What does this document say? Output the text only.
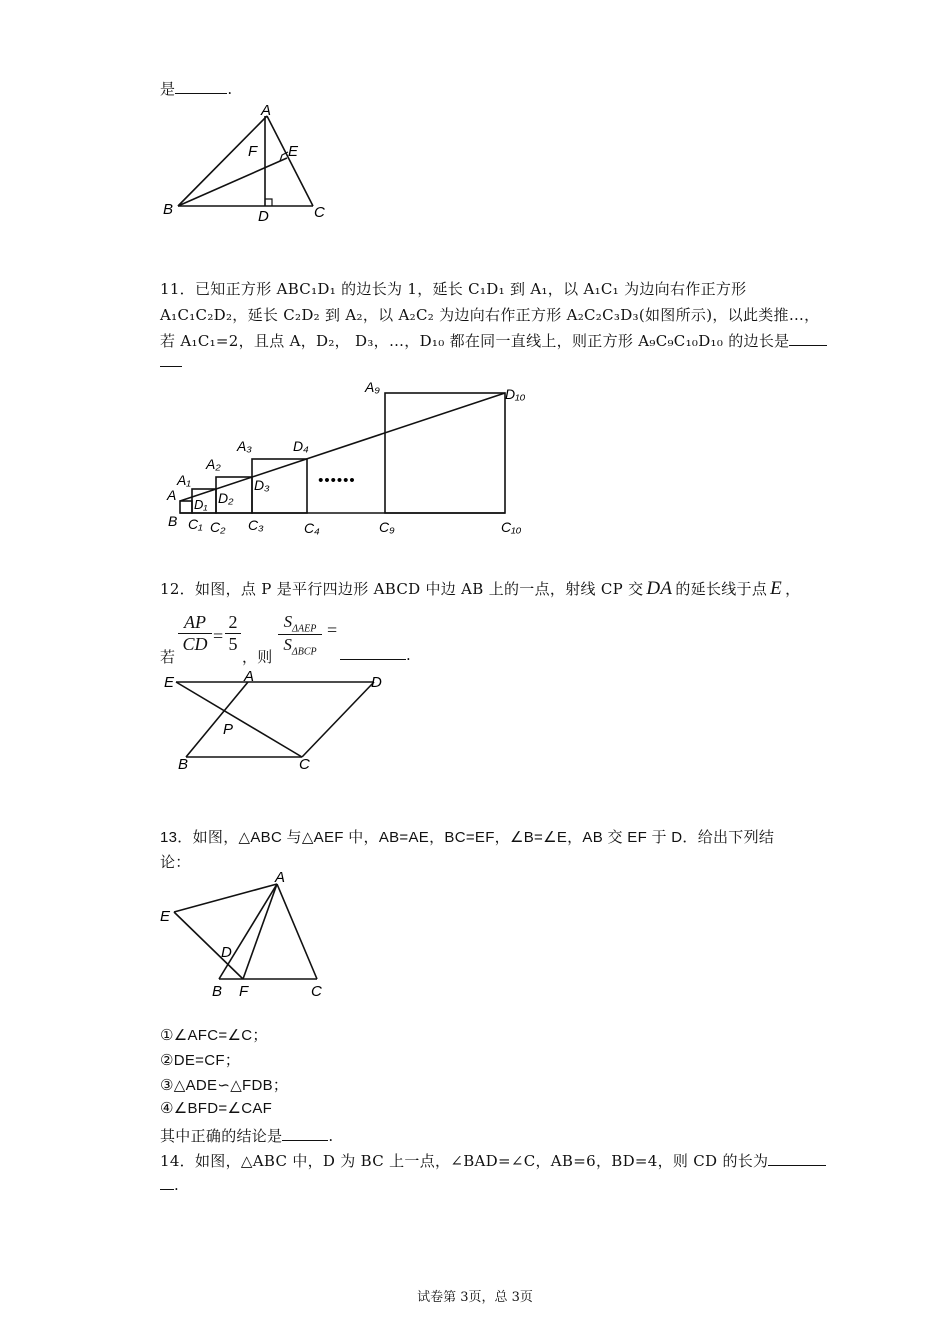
是	.
A
B	C
D
E
F
11．已知正方形 ABC₁D₁ 的边长为 1，延长 C₁D₁ 到 A₁，以 A₁C₁ 为边向右作正方形
A₁C₁C₂D₂，延长 C₂D₂ 到 A₂，以 A₂C₂ 为边向右作正方形 A₂C₂C₃D₃(如图所示)，以此类推…，
若 A₁C₁=2，且点 A，D₂， D₃，…，D₁₀ 都在同一直线上，则正方形 A₉C₉C₁₀D₁₀ 的边长是
••••••
A
B
A₁
A₂
A₃
A₉
D₁ D₂
D₃
D₄
D₁₀
C₁ C₂ C₃	C₄	C₉	C₁₀
12．如图，点 P 是平行四边形 ABCD 中边 AB 上的一点，射线 CP 交 DA 的延长线于点 E ，
若
AP
CD =
2
5
，则
$S_{\Delta AEP}$
$S_{\Delta BCP}$
=
.
E	A	D
P
B	C
13．如图，△ABC 与△AEF 中，AB=AE，BC=EF，∠B=∠E，AB 交 EF 于 D．给出下列结
论：
A
E
D
B F	C
①∠AFC=∠C；
②DE=CF；
③△ADE∽△FDB；
④∠BFD=∠CAF
其中正确的结论是	.
14．如图，△ABC 中，D 为 BC 上一点，∠BAD=∠C，AB=6，BD=4，则 CD 的长为
.
试卷第 3页，总 3页
